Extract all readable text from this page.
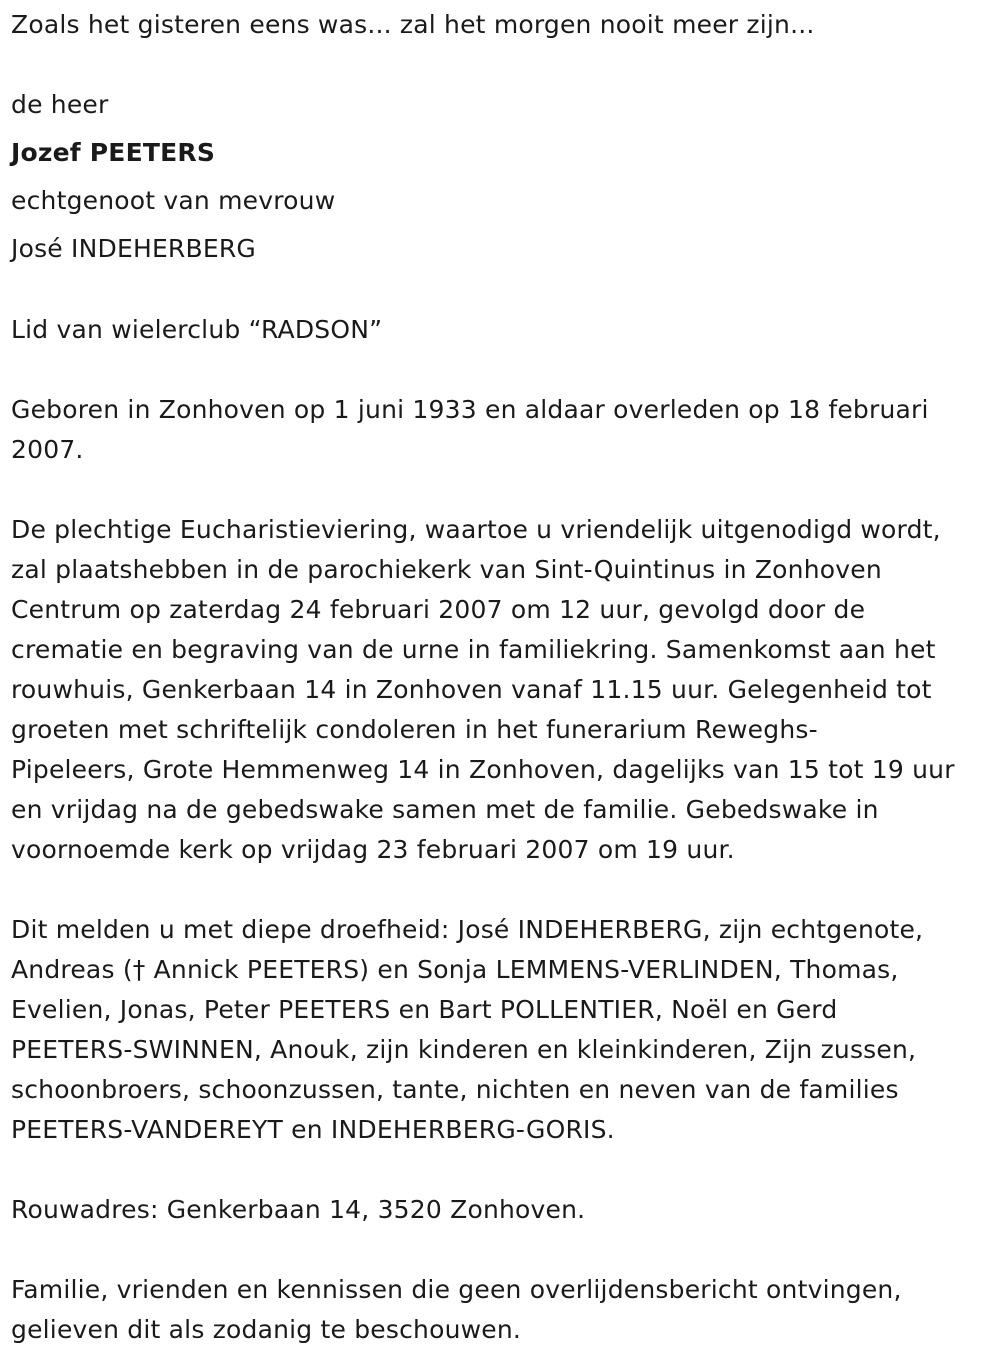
Zoals het gisteren eens was... zal het morgen nooit meer zijn...
de heer
Jozef PEETERS
echtgenoot van mevrouw
José INDEHERBERG
Lid van wielerclub “RADSON”
Geboren in Zonhoven op 1 juni 1933 en aldaar overleden op 18 februari
2007.
De plechtige Eucharistieviering, waartoe u vriendelijk uitgenodigd wordt,
zal plaatshebben in de parochiekerk van Sint-Quintinus in Zonhoven
Centrum op zaterdag 24 februari 2007 om 12 uur, gevolgd door de
crematie en begraving van de urne in familiekring. Samenkomst aan het
rouwhuis, Genkerbaan 14 in Zonhoven vanaf 11.15 uur. Gelegenheid tot
groeten met schriftelijk condoleren in het funerarium Reweghs-
Pipeleers, Grote Hemmenweg 14 in Zonhoven, dagelijks van 15 tot 19 uur
en vrijdag na de gebedswake samen met de familie. Gebedswake in
voornoemde kerk op vrijdag 23 februari 2007 om 19 uur.
Dit melden u met diepe droefheid: José INDEHERBERG, zijn echtgenote,
Andreas († Annick PEETERS) en Sonja LEMMENS-VERLINDEN, Thomas,
Evelien, Jonas, Peter PEETERS en Bart POLLENTIER, Noël en Gerd
PEETERS-SWINNEN, Anouk, zijn kinderen en kleinkinderen, Zijn zussen,
schoonbroers, schoonzussen, tante, nichten en neven van de families
PEETERS-VANDEREYT en INDEHERBERG-GORIS.
Rouwadres: Genkerbaan 14, 3520 Zonhoven.
Familie, vrienden en kennissen die geen overlijdensbericht ontvingen,
gelieven dit als zodanig te beschouwen.
